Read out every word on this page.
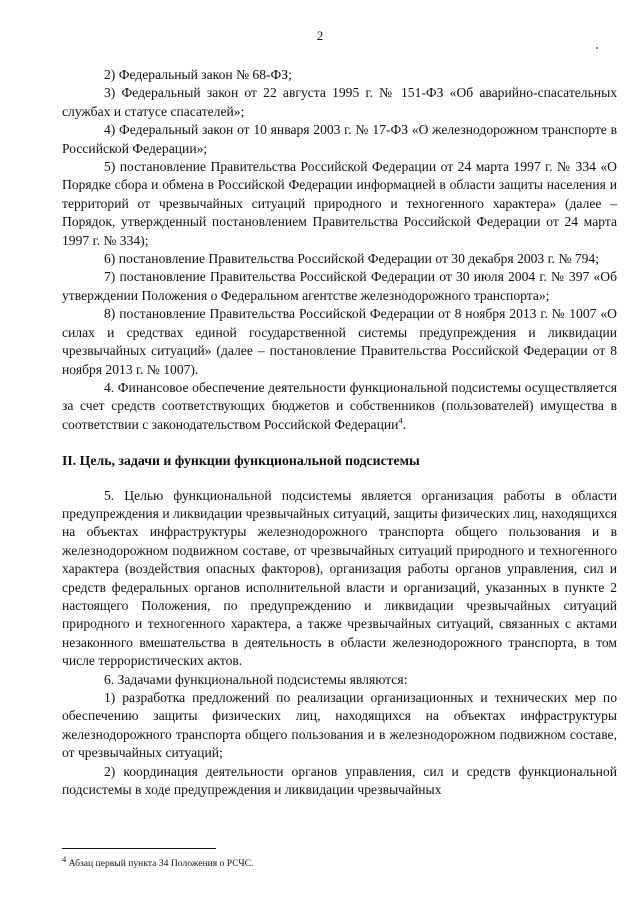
2

2) Федеральный закон № 68-ФЗ;

3) Федеральный закон от 22 августа 1995 г. № 151-ФЗ «Об аварийно-спасательных службах и статусе спасателей»;

4) Федеральный закон от 10 января 2003 г. № 17-ФЗ «О железнодорожном транспорте в Российской Федерации»;

5) постановление Правительства Российской Федерации от 24 марта 1997 г. № 334 «О Порядке сбора и обмена в Российской Федерации информацией в области защиты населения и территорий от чрезвычайных ситуаций природного и техногенного характера» (далее – Порядок, утвержденный постановлением Правительства Российской Федерации от 24 марта 1997 г. № 334);

6) постановление Правительства Российской Федерации от 30 декабря 2003 г. № 794;

7) постановление Правительства Российской Федерации от 30 июля 2004 г. № 397 «Об утверждении Положения о Федеральном агентстве железнодорожного транспорта»;

8) постановление Правительства Российской Федерации от 8 ноября 2013 г. № 1007 «О силах и средствах единой государственной системы предупреждения и ликвидации чрезвычайных ситуаций» (далее – постановление Правительства Российской Федерации от 8 ноября 2013 г. № 1007).

4. Финансовое обеспечение деятельности функциональной подсистемы осуществляется за счет средств соответствующих бюджетов и собственников (пользователей) имущества в соответствии с законодательством Российской Федерации$^4$.

II. Цель, задачи и функции функциональной подсистемы

5. Целью функциональной подсистемы является организация работы в области предупреждения и ликвидации чрезвычайных ситуаций, защиты физических лиц, находящихся на объектах инфраструктуры железнодорожного транспорта общего пользования и в железнодорожном подвижном составе, от чрезвычайных ситуаций природного и техногенного характера (воздействия опасных факторов), организация работы органов управления, сил и средств федеральных органов исполнительной власти и организаций, указанных в пункте 2 настоящего Положения, по предупреждению и ликвидации чрезвычайных ситуаций природного и техногенного характера, а также чрезвычайных ситуаций, связанных с актами незаконного вмешательства в деятельность в области железнодорожного транспорта, в том числе террористических актов.

6. Задачами функциональной подсистемы являются:

1) разработка предложений по реализации организационных и технических мер по обеспечению защиты физических лиц, находящихся на объектах инфраструктуры железнодорожного транспорта общего пользования и в железнодорожном подвижном составе, от чрезвычайных ситуаций;

2) координация деятельности органов управления, сил и средств функциональной подсистемы в ходе предупреждения и ликвидации чрезвычайных

$^4$ Абзац первый пункта 34 Положения о РСЧС.
